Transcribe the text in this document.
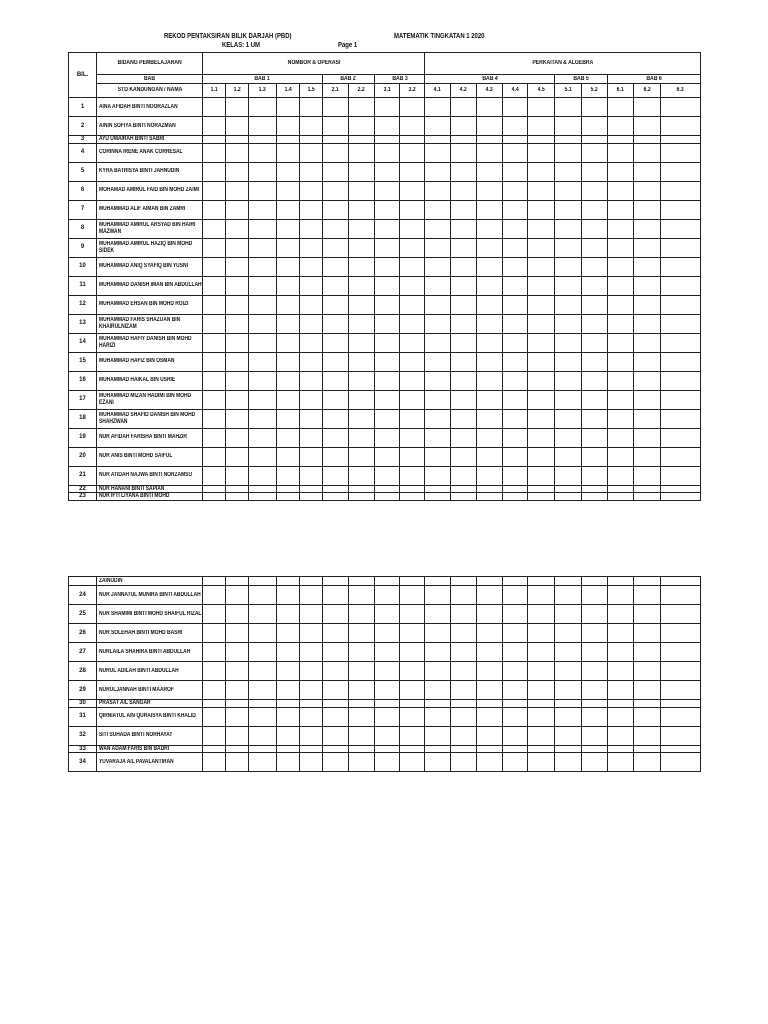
REKOD PENTAKSIRAN BILIK DARJAH (PBD)
KELAS: 1 UM	Page 1
MATEMATIK TINGKATAN 1 2020
BIL.	BIDANG PEMBELAJARAN	NOMBOR & OPERASI									PERKAITAN & ALGEBRA									
	BAB	BAB 1					BAB 2		BAB 3		BAB 4					BAB 5		BAB 6		
	STD KANDUNGAN / NAMA	1.1	1.2	1.3	1.4	1.5	2.1	2.2	3.1	3.2	4.1	4.2	4.3	4.4	4.5	5.1	5.2	6.1	6.2	6.3
1	AINA AFIDAH BINTI NOORAZLAN																			

2	AININ SOFIYA BINTI NORAZMAN																			

3	AYU UMAIRAH BINTI SABRI																			

4	CORINNA IRENE ANAK CORRESAL																			

5	KYRA BATRISYA BINTI JAHNUDIN																			

6	MOHAMAD AMIRUL FAID BIN MOHD ZAIMI																			

7	MUHAMMAD ALIF AIMAN BIN ZAMRI																			

8	MUHAMMAD AMIRUL ARSYAD BIN HAIRI MAZWAN																			

9	MUHAMMAD AMIRUL HAZIQ BIN MOHD SIDEK																			

10	MUHAMMAD ANIQ SYAFIQ BIN YUSNI																			

11	MUHAMMAD DANISH IMAN BIN ABDULLAH																			

12	MUHAMMAD EHSAN BIN MOHD ROIZI																			

13	MUHAMMAD FARIS SHAZUAN BIN KHAIRULNIZAM																			

14	MUHAMMAD HAFIY DANISH BIN MOHD HARIZI																			

15	MUHAMMAD HAFIZ BIN OSMAN																			

16	MUHAMMAD HAIKAL BIN USRIE																			

17	MUHAMMAD MIZAN HADIMI BIN MOHD EZANI																			

18	MUHAMMAD SHAFID DANISH BIN MOHD SHAHZWAN																			

19	NUR AFIDAH FARISHA BINTI MAHZIR																			

20	NUR ANIS BINTI MOHD SAIFUL																			

21	NUR ATIDAH NAJWA BINTI NORZAMSU																			

22	NUR HANANI BINTI SAPIAN																			

23	NUR IFTI LIYANA BINTI MOHD																			

	ZAINUDIN																			

24	NUR JANNATUL MUNIRA BINTI ABDULLAH																			

25	NUR SHAMIMI BINTI MOHD SHAIFUL RIZAL																			

26	NUR SOLEHAH BINTI MOHD BASRI																			

27	NURLAILA SHAHIRA BINTI ABDULLAH																			

28	NURUL ADILAH BINTI ABDULLAH																			

29	NURULJANNAH BINTI MAAROF																			

30	PRASAT A/L SANGAR																			

31	QIRNIATUL AIN QURAISYA BINTI KHALID																			

32	SITI SUHADA BINTI NORHAYAT																			

33	WAN ADAM FARIS BIN BADRI																			

34	YUVARAJA A/L PAVALANTIRAN																			
